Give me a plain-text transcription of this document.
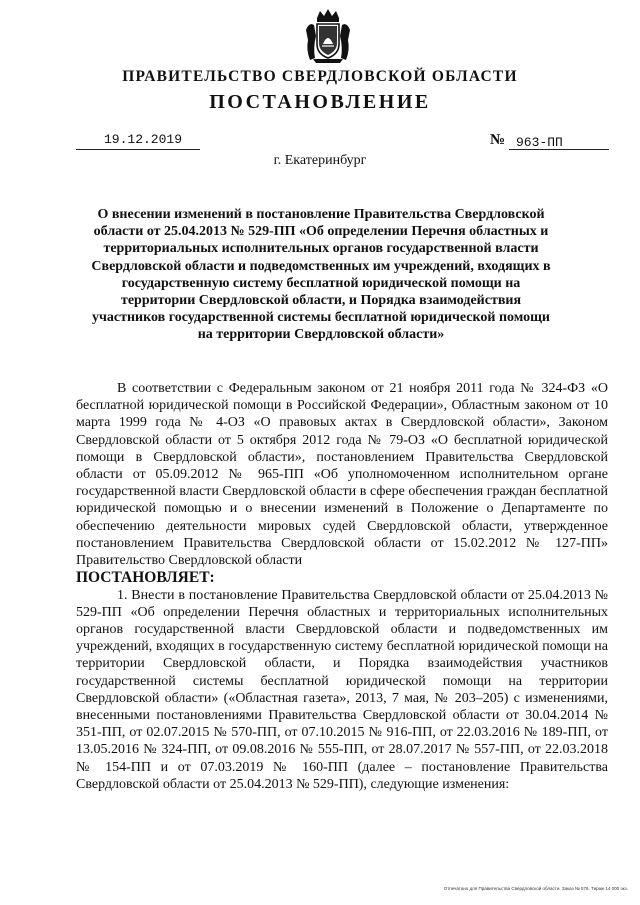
ПРАВИТЕЛЬСТВО СВЕРДЛОВСКОЙ ОБЛАСТИ
ПОСТАНОВЛЕНИЕ
19.12.2019	№ 963-ПП
г. Екатеринбург
О внесении изменений в постановление Правительства Свердловской области от 25.04.2013 № 529-ПП «Об определении Перечня областных и территориальных исполнительных органов государственной власти Свердловской области и подведомственных им учреждений, входящих в государственную систему бесплатной юридической помощи на территории Свердловской области, и Порядка взаимодействия участников государственной системы бесплатной юридической помощи на территории Свердловской области»

В соответствии с Федеральным законом от 21 ноября 2011 года № 324-ФЗ «О бесплатной юридической помощи в Российской Федерации», Областным законом от 10 марта 1999 года № 4-ОЗ «О правовых актах в Свердловской области», Законом Свердловской области от 5 октября 2012 года № 79-ОЗ «О бесплатной юридической помощи в Свердловской области», постановлением Правительства Свердловской области от 05.09.2012 № 965-ПП «Об уполномоченном исполнительном органе государственной власти Свердловской области в сфере обеспечения граждан бесплатной юридической помощью и о внесении изменений в Положение о Департаменте по обеспечению деятельности мировых судей Свердловской области, утвержденное постановлением Правительства Свердловской области от 15.02.2012 № 127-ПП» Правительство Свердловской области

ПОСТАНОВЛЯЕТ:

1. Внести в постановление Правительства Свердловской области от 25.04.2013 № 529-ПП «Об определении Перечня областных и территориальных исполнительных органов государственной власти Свердловской области и подведомственных им учреждений, входящих в государственную систему бесплатной юридической помощи на территории Свердловской области, и Порядка взаимодействия участников государственной системы бесплатной юридической помощи на территории Свердловской области» («Областная газета», 2013, 7 мая, № 203–205) с изменениями, внесенными постановлениями Правительства Свердловской области от 30.04.2014 № 351-ПП, от 02.07.2015 № 570-ПП, от 07.10.2015 № 916-ПП, от 22.03.2016 № 189-ПП, от 13.05.2016 № 324-ПП, от 09.08.2016 № 555-ПП, от 28.07.2017 № 557-ПП, от 22.03.2018 № 154-ПП и от 07.03.2019 № 160-ПП (далее – постановление Правительства Свердловской области от 25.04.2013 № 529-ПП), следующие изменения:

Отпечатано для Правительства Свердловской области. Заказ № 576. Тираж 14 000 экз.
